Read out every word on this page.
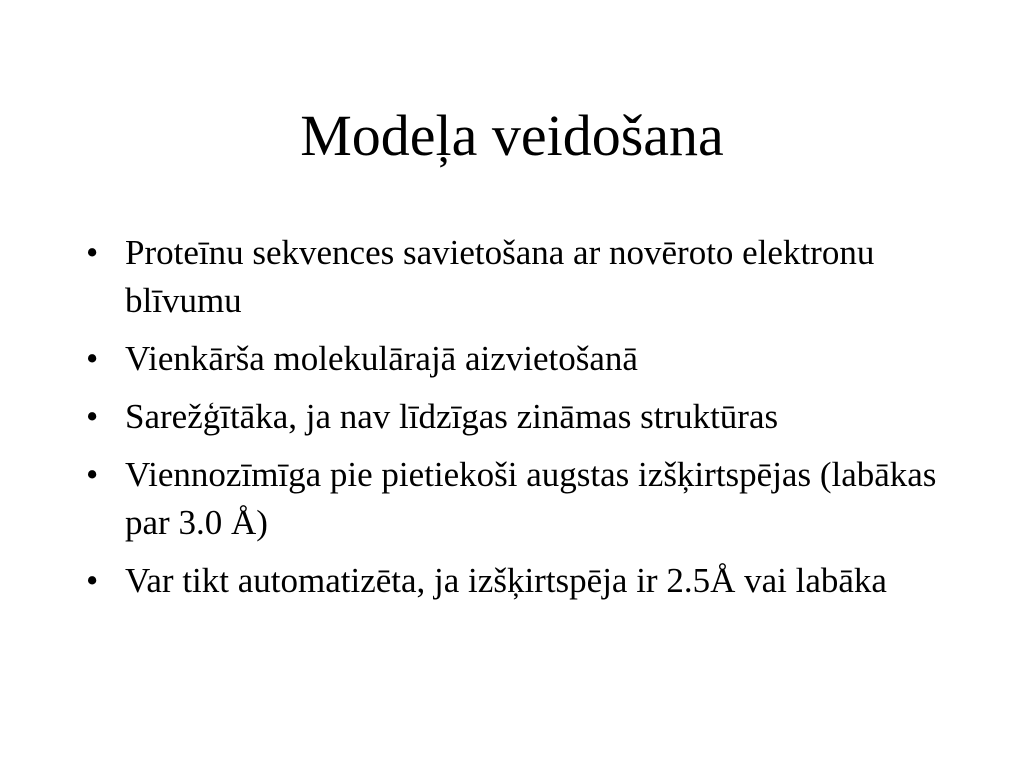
Modeļa veidošana
• Proteīnu sekvences savietošana ar novēroto elektronu blīvumu
• Vienkārša molekulārajā aizvietošanā
• Sarežģītāka, ja nav līdzīgas zināmas struktūras
• Viennozīmīga pie pietiekoši augstas izšķirtspējas (labākas par 3.0 Å)
• Var tikt automatizēta, ja izšķirtspēja ir 2.5Å vai labāka
